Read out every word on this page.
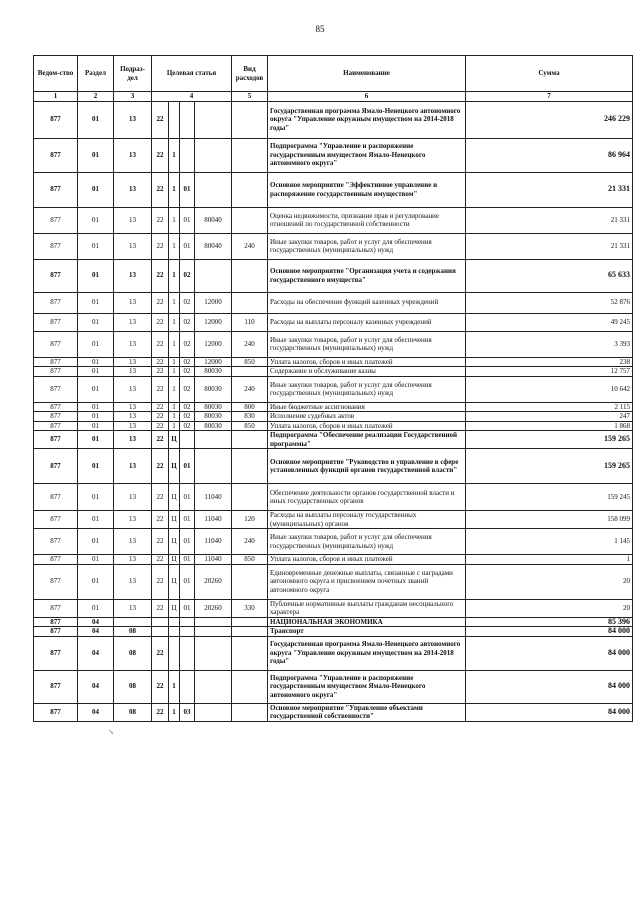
85
Ведом-ство	Раздел	Подраз-дел	Целевая статья				Вид расходов	Наименование	Сумма
1	2	3	4				5	6	7
877	01	13	22					Государственная программа Ямало-Ненецкого автономного округа "Управление окружным имуществом на 2014-2018 годы"	246 229
877	01	13	22	1				Подпрограмма "Управление и распоряжение государственным имуществом Ямало-Ненецкого автономного округа"	86 964
877	01	13	22	1	01			Основное мероприятие "Эффективное управление и распоряжение государственным имуществом"	21 331
877	01	13	22	1	01	80040		Оценка недвижимости, признание прав и регулирование отношений по государственной собственности	21 331
877	01	13	22	1	01	80040	240	Иные закупки товаров, работ и услуг для обеспечения государственных (муниципальных) нужд	21 331
877	01	13	22	1	02			Основное мероприятие "Организация учета и содержания государственного имущества"	65 633
877	01	13	22	1	02	12000		Расходы на обеспечение функций казенных учреждений	52 876
877	01	13	22	1	02	12000	110	Расходы на выплаты персоналу казенных учреждений	49 245
877	01	13	22	1	02	12000	240	Иные закупки товаров, работ и услуг для обеспечения государственных (муниципальных) нужд	3 393
877	01	13	22	1	02	12000	850	Уплата налогов, сборов и иных платежей	238
877	01	13	22	1	02	80030		Содержание и обслуживание казны	12 757
877	01	13	22	1	02	80030	240	Иные закупки товаров, работ и услуг для обеспечения государственных (муниципальных) нужд	10 642
877	01	13	22	1	02	80030	800	Иные бюджетные ассигнования	2 115
877	01	13	22	1	02	80030	830	Исполнение судебных актов	247
877	01	13	22	1	02	80030	850	Уплата налогов, сборов и иных платежей	1 868
877	01	13	22	Ц				Подпрограмма "Обеспечение реализации Государственной программы"	159 265
877	01	13	22	Ц	01			Основное мероприятие "Руководство и управление в сфере установленных функций органов государственной власти"	159 265
877	01	13	22	Ц	01	11040		Обеспечение деятельности органов государственной власти и иных государственных органов	159 245
877	01	13	22	Ц	01	11040	120	Расходы на выплаты персоналу государственных (муниципальных) органов	158 099
877	01	13	22	Ц	01	11040	240	Иные закупки товаров, работ и услуг для обеспечения государственных (муниципальных) нужд	1 145
877	01	13	22	Ц	01	11040	850	Уплата налогов, сборов и иных платежей	1
877	01	13	22	Ц	01	20260		Единовременные денежные выплаты, связанные с наградами автономного округа и присвоением почетных званий автономного округа	20
877	01	13	22	Ц	01	20260	330	Публичные нормативные выплаты гражданам несоциального характера	20
877	04							НАЦИОНАЛЬНАЯ ЭКОНОМИКА	85 396
877	04	08						Транспорт	84 000
877	04	08	22					Государственная программа Ямало-Ненецкого автономного округа "Управление окружным имуществом на 2014-2018 годы"	84 000
877	04	08	22	1				Подпрограмма "Управление и распоряжение государственным имуществом Ямало-Ненецкого автономного округа"	84 000
877	04	08	22	1	03			Основное мероприятие "Управление объектами государственной собственности"	84 000
↘
